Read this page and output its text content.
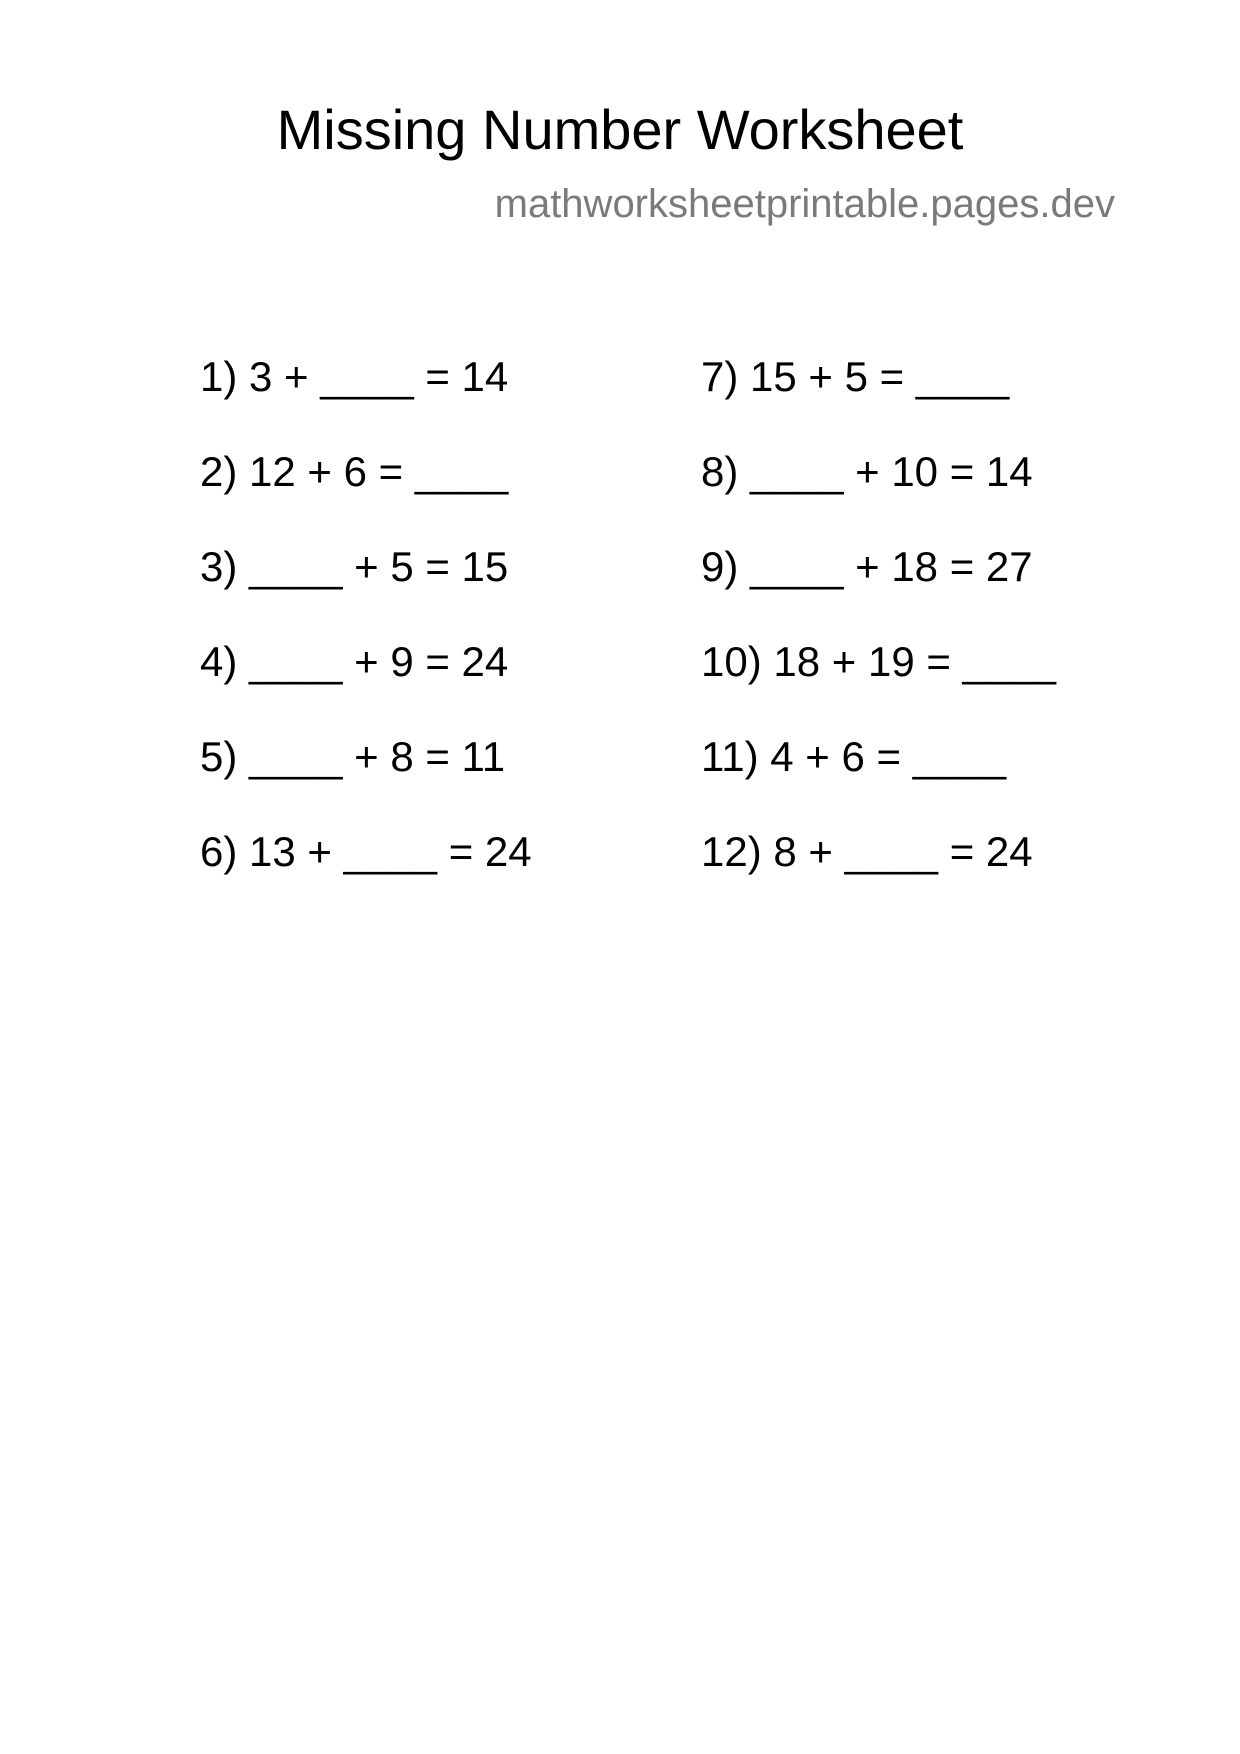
Missing Number Worksheet
mathworksheetprintable.pages.dev
1) 3 + ____ = 14
2) 12 + 6 = ____
3) ____ + 5 = 15
4) ____ + 9 = 24
5) ____ + 8 = 11
6) 13 + ____ = 24
7) 15 + 5 = ____
8) ____ + 10 = 14
9) ____ + 18 = 27
10) 18 + 19 = ____
11) 4 + 6 = ____
12) 8 + ____ = 24
